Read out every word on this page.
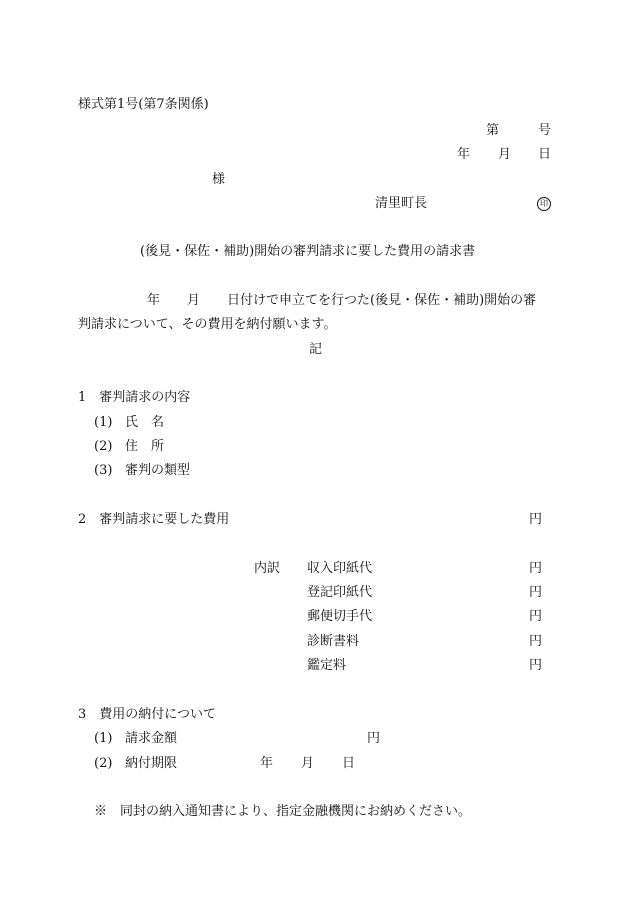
様式第1号(第7条関係)
第	号
年 月 日
様
清里町長	印
(後見・保佐・補助)開始の審判請求に要した費用の請求書
年 月 日付けで申立てを行つた(後見・保佐・補助)開始の審
判請求について、その費用を納付願います。
記
1　審判請求の内容
(1) 氏　名
(2) 住　所
(3) 審判の類型
2　審判請求に要した費用	円
内訳 収入印紙代	円
登記印紙代	円
郵便切手代	円
診断書料	円
鑑定料	円
3　費用の納付について
(1) 請求金額	円
(2) 納付期限	年 月 日
※　同封の納入通知書により、指定金融機関にお納めください。
